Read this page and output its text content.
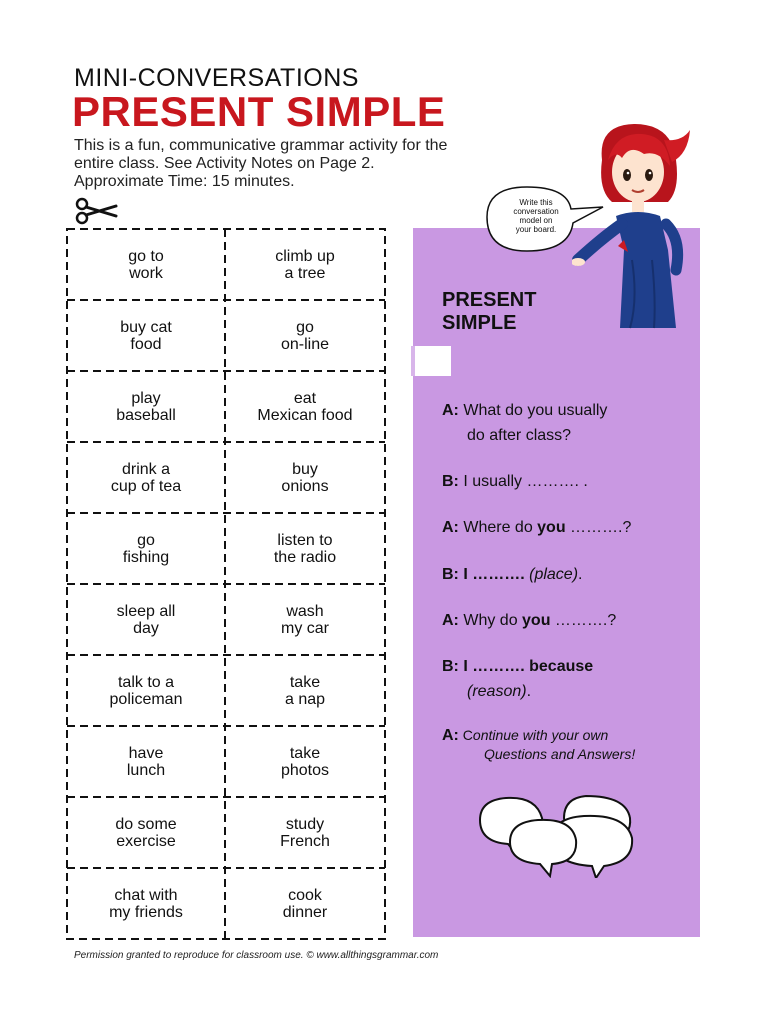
MINI-CONVERSATIONS
PRESENT SIMPLE
This is a fun, communicative grammar activity for the
entire class. See Activity Notes on Page 2.
Approximate Time: 15 minutes.
go to
work
climb up
a tree
buy cat
food
go
on-line
play
baseball
eat
Mexican food
drink a
cup of tea
buy
onions
go
fishing
listen to
the radio
sleep all
day
wash
my car
talk to a
policeman
take
a nap
have
lunch
take
photos
do some
exercise
study
French
chat with
my friends
cook
dinner
Write this
conversation
model on
your board.
PRESENT
SIMPLE
A: What do you usually
do after class?
B: I usually ………. .
A: Where do you ……….?
B: I ………. (place).
A: Why do you ……….?
B: I ………. because
(reason).
A: Continue with your own
Questions and Answers!
Permission granted to reproduce for classroom use. © www.allthingsgrammar.com
